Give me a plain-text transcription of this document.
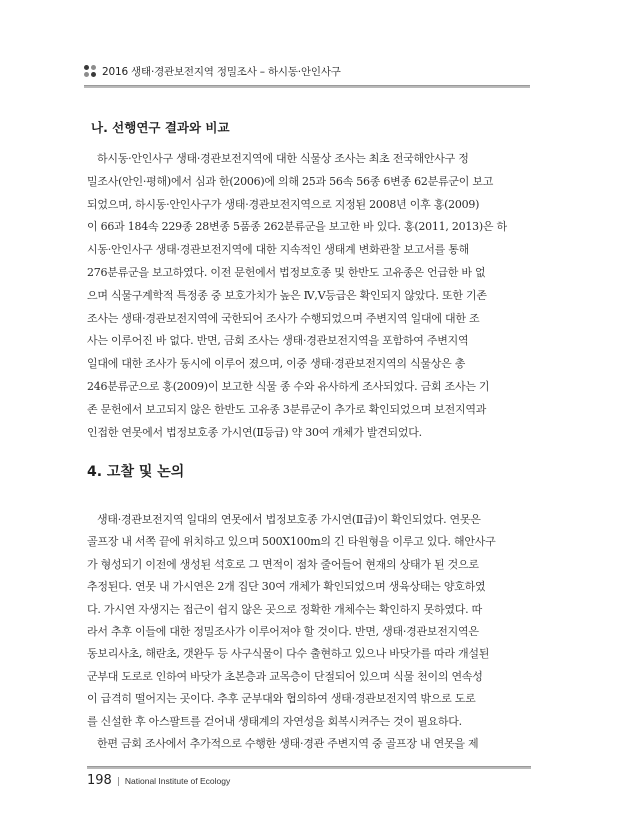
2016 생태·경관보전지역 정밀조사 – 하시동·안인사구
나. 선행연구 결과와 비교
하시동·안인사구 생태·경관보전지역에 대한 식물상 조사는 최초 전국해안사구 정
밀조사(안인·평해)에서 심과 한(2006)에 의해 25과 56속 56종 6변종 62분류군이 보고
되었으며, 하시동·안인사구가 생태·경관보전지역으로 지정된 2008년 이후 홍(2009)
이 66과 184속 229종 28변종 5품종 262분류군을 보고한 바 있다. 홍(2011, 2013)은 하
시동·안인사구 생태·경관보전지역에 대한 지속적인 생태계 변화관찰 보고서를 통해
276분류군을 보고하였다. 이전 문헌에서 법정보호종 및 한반도 고유종은 언급한 바 없
으며 식물구계학적 특정종 중 보호가치가 높은 Ⅳ,Ⅴ등급은 확인되지 않았다. 또한 기존
조사는 생태·경관보전지역에 국한되어 조사가 수행되었으며 주변지역 일대에 대한 조
사는 이루어진 바 없다. 반면, 금회 조사는 생태·경관보전지역을 포함하여 주변지역
일대에 대한 조사가 동시에 이루어 졌으며, 이중 생태·경관보전지역의 식물상은 총
246분류군으로 홍(2009)이 보고한 식물 종 수와 유사하게 조사되었다. 금회 조사는 기
존 문헌에서 보고되지 않은 한반도 고유종 3분류군이 추가로 확인되었으며 보전지역과
인접한 연못에서 법정보호종 가시연(Ⅱ등급) 약 30여 개체가 발견되었다.
4. 고찰 및 논의
생태·경관보전지역 일대의 연못에서 법정보호종 가시연(Ⅱ급)이 확인되었다. 연못은
골프장 내 서쪽 끝에 위치하고 있으며 500X100m의 긴 타원형을 이루고 있다. 해안사구
가 형성되기 이전에 생성된 석호로 그 면적이 점차 줄어들어 현재의 상태가 된 것으로
추정된다. 연못 내 가시연은 2개 집단 30여 개체가 확인되었으며 생육상태는 양호하였
다. 가시연 자생지는 접근이 쉽지 않은 곳으로 정확한 개체수는 확인하지 못하였다. 따
라서 추후 이들에 대한 정밀조사가 이루어져야 할 것이다. 반면, 생태·경관보전지역은
동보리사초, 해란초, 갯완두 등 사구식물이 다수 출현하고 있으나 바닷가를 따라 개설된
군부대 도로로 인하여 바닷가 초본층과 교목층이 단절되어 있으며 식물 천이의 연속성
이 급격히 떨어지는 곳이다. 추후 군부대와 협의하여 생태·경관보전지역 밖으로 도로
를 신설한 후 아스팔트를 걷어내 생태계의 자연성을 회복시켜주는 것이 필요하다.
한편 금회 조사에서 추가적으로 수행한 생태·경관 주변지역 중 골프장 내 연못을 제
198 | National Institute of Ecology
